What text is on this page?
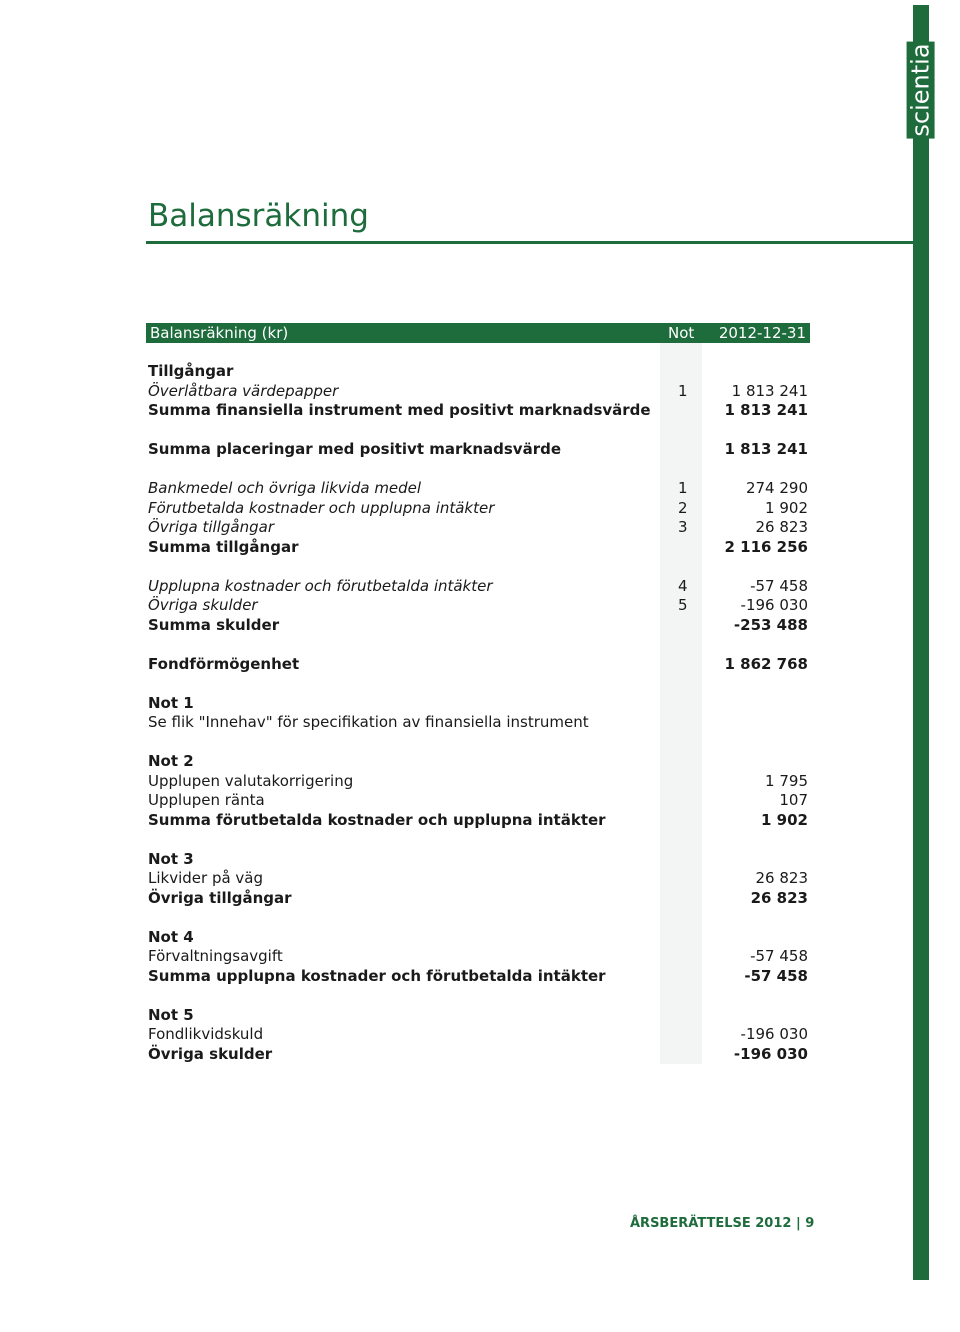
scientia
Balansräkning
Balansräkning (kr)	Not 2012-12-31
Tillgångar
Överlåtbara värdepapper	1	1 813 241
Summa finansiella instrument med positivt marknadsvärde	1 813 241
Summa placeringar med positivt marknadsvärde	1 813 241
Bankmedel och övriga likvida medel	1	274 290
Förutbetalda kostnader och upplupna intäkter	2	1 902
Övriga tillgångar	3	26 823
Summa tillgångar	2 116 256
Upplupna kostnader och förutbetalda intäkter	4	-57 458
Övriga skulder	5	-196 030
Summa skulder	-253 488
Fondförmögenhet	1 862 768
Not 1
Se flik "Innehav" för specifikation av finansiella instrument
Not 2
Upplupen valutakorrigering	1 795
Upplupen ränta	107
Summa förutbetalda kostnader och upplupna intäkter	1 902
Not 3
Likvider på väg	26 823
Övriga tillgångar	26 823
Not 4
Förvaltningsavgift	-57 458
Summa upplupna kostnader och förutbetalda intäkter	-57 458
Not 5
Fondlikvidskuld	-196 030
Övriga skulder	-196 030
ÅRSBERÄTTELSE 2012 | 9
